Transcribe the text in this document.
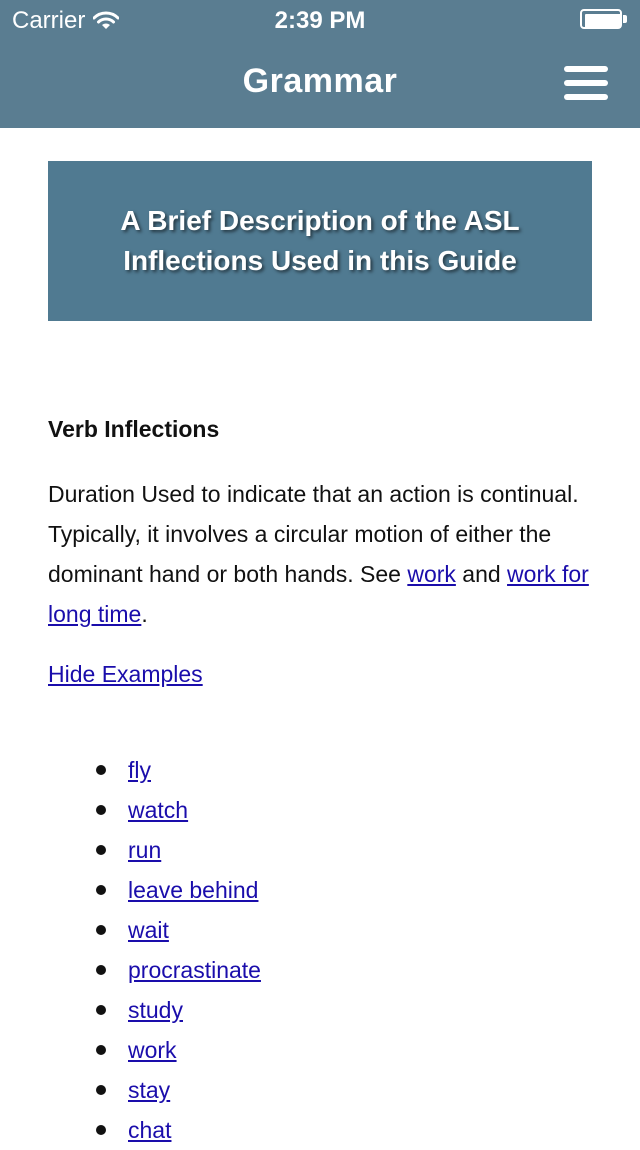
Carrier	2:39 PM
Grammar
A Brief Description of the ASL Inflections Used in this Guide

Verb Inflections

Duration Used to indicate that an action is continual. Typically, it involves a circular motion of either the dominant hand or both hands. See work and work for long time.

Hide Examples
fly
watch
run
leave behind
wait
procrastinate
study
work
stay
chat
